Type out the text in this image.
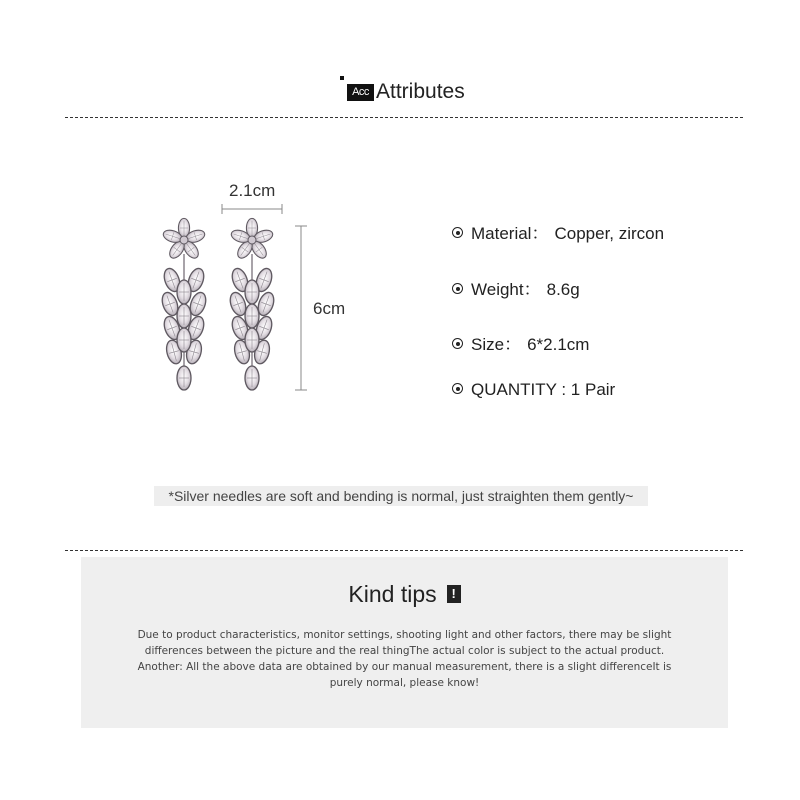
Acc Attributes
2.1cm
6cm
Material： Copper, zircon
Weight： 8.6g
Size： 6*2.1cm
QUANTITY : 1 Pair
*Silver needles are soft and bending is normal, just straighten them gently~
Kind tips !
Due to product characteristics, monitor settings, shooting light and other factors, there may be slight differences between the picture and the real thingThe actual color is subject to the actual product. Another: All the above data are obtained by our manual measurement, there is a slight differenceIt is purely normal, please know!
